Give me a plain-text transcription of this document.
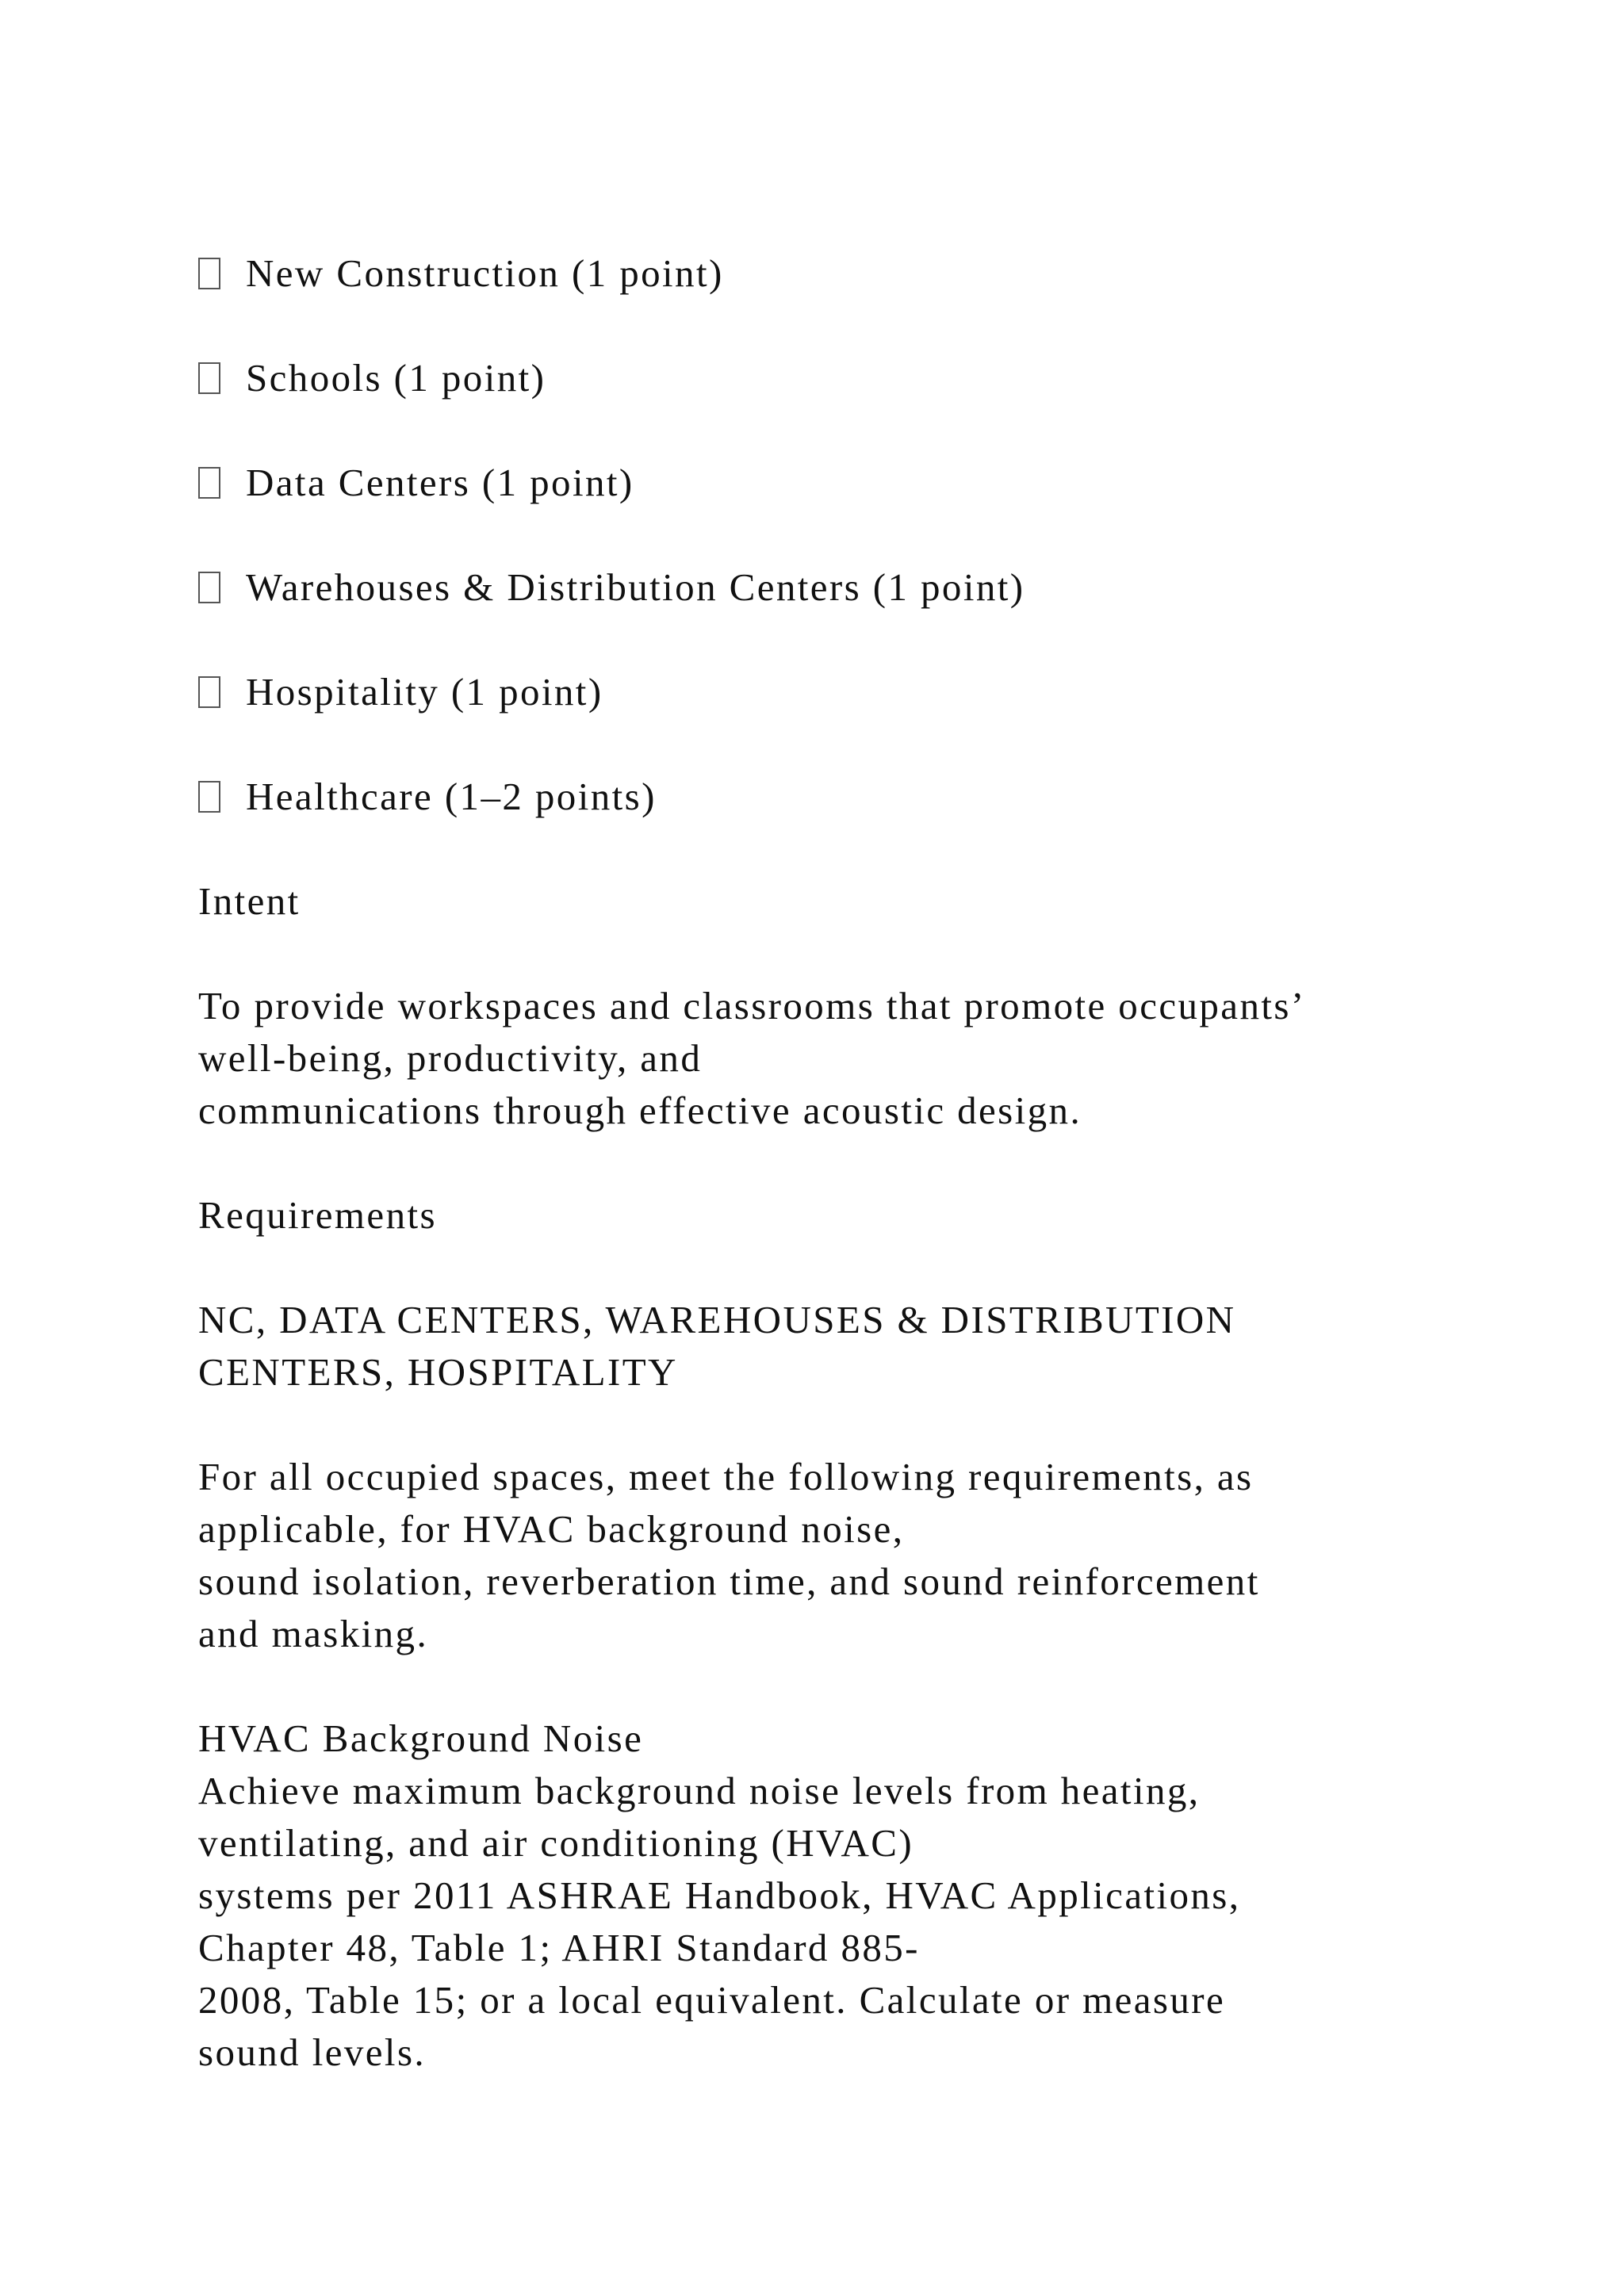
New Construction (1 point)
Schools (1 point)
Data Centers (1 point)
Warehouses & Distribution Centers (1 point)
Hospitality (1 point)
Healthcare (1–2 points)
Intent
To provide workspaces and classrooms that promote occupants’
well-being, productivity, and
communications through effective acoustic design.
Requirements
NC, DATA CENTERS, WAREHOUSES & DISTRIBUTION
CENTERS, HOSPITALITY
For all occupied spaces, meet the following requirements, as
applicable, for HVAC background noise,
sound isolation, reverberation time, and sound reinforcement
and masking.
HVAC Background Noise
Achieve maximum background noise levels from heating,
ventilating, and air conditioning (HVAC)
systems per 2011 ASHRAE Handbook, HVAC Applications,
Chapter 48, Table 1; AHRI Standard 885-
2008, Table 15; or a local equivalent. Calculate or measure
sound levels.
